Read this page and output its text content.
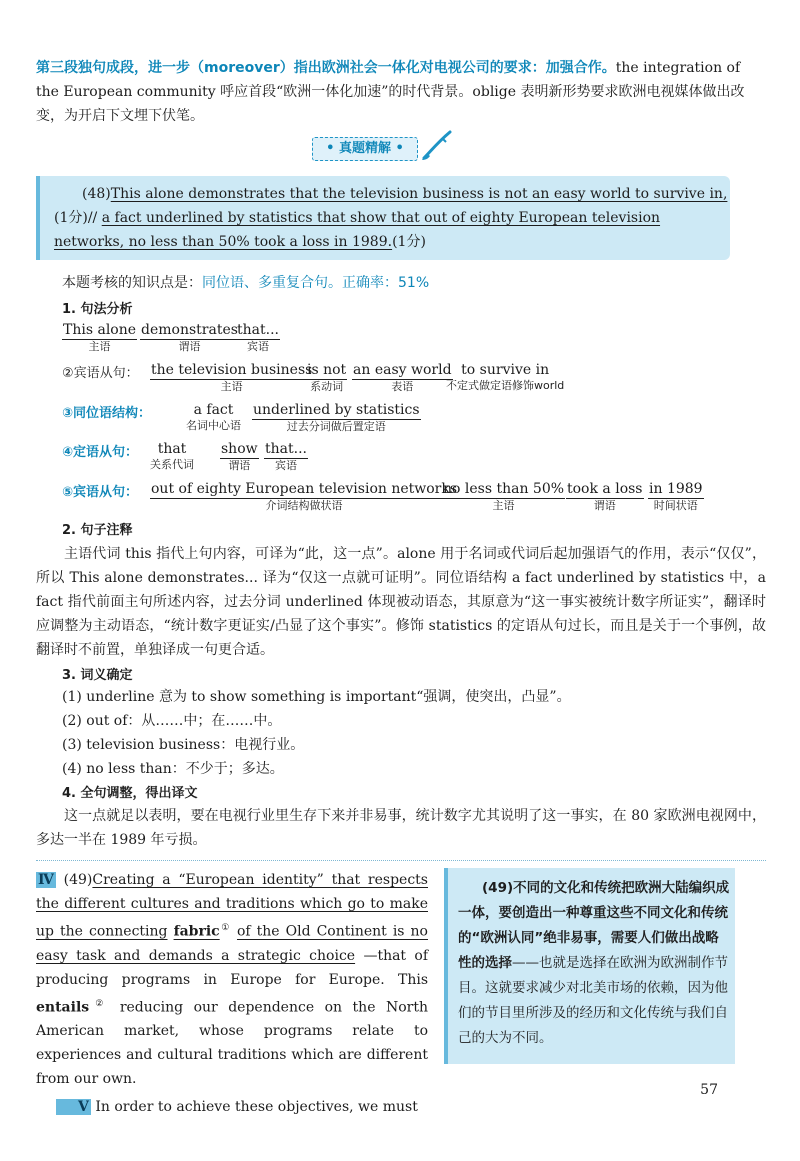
第三段独句成段，进一步（moreover）指出欧洲社会一体化对电视公司的要求：加强合作。the integration of the European community 呼应首段“欧洲一体化加速”的时代背景。oblige 表明新形势要求欧洲电视媒体做出改变，为开启下文埋下伏笔。
• 真题精解 •
(48)This alone demonstrates that the television business is not an easy world to survive in,(1分)// a fact underlined by statistics that show that out of eighty European television networks, no less than 50% took a loss in 1989.(1分)
本题考核的知识点是：同位语、多重复合句。正确率：51%
1. 句法分析
This alone
主语
demonstrates
谓语
that...
宾语
②宾语从句： the television business
主语
is not
系动词
an easy world
表语
to survive in
不定式做定语修饰world
③同位语结构：	a fact
名词中心语
underlined by statistics
过去分词做后置定语
④定语从句：	that
关系代词
show
谓语
that...
宾语
⑤宾语从句： out of eighty European television networks
介词结构做状语
no less than 50%
主语
took a loss
谓语
in 1989
时间状语
2. 句子注释
主语代词 this 指代上句内容，可译为“此，这一点”。alone 用于名词或代词后起加强语气的作用，表示“仅仅”，所以 This alone demonstrates... 译为“仅这一点就可证明”。同位语结构 a fact underlined by statistics 中，a fact 指代前面主句所述内容，过去分词 underlined 体现被动语态，其原意为“这一事实被统计数字所证实”，翻译时应调整为主动语态，“统计数字更证实/凸显了这个事实”。修饰 statistics 的定语从句过长，而且是关于一个事例，故翻译时不前置，单独译成一句更合适。
3. 词义确定
(1) underline 意为 to show something is important“强调，使突出，凸显”。
(2) out of：从……中；在……中。
(3) television business：电视行业。
(4) no less than：不少于；多达。
4. 全句调整，得出译文
这一点就足以表明，要在电视行业里生存下来并非易事，统计数字尤其说明了这一事实，在 80 家欧洲电视网中，多达一半在 1989 年亏损。
Ⅳ (49)Creating a “European identity” that respects the different cultures and traditions which go to make up the connecting fabric① of the Old Continent is no easy task and demands a strategic choice —that of producing programs in Europe for Europe. This entails② reducing our dependence on the North American market, whose programs relate to experiences and cultural traditions which are different from our own.
Ⅴ In order to achieve these objectives, we must
(49)不同的文化和传统把欧洲大陆编织成一体，要创造出一种尊重这些不同文化和传统的“欧洲认同”绝非易事，需要人们做出战略性的选择——也就是选择在欧洲为欧洲制作节目。这就要求减少对北美市场的依赖，因为他们的节目里所涉及的经历和文化传统与我们自己的大为不同。
57
